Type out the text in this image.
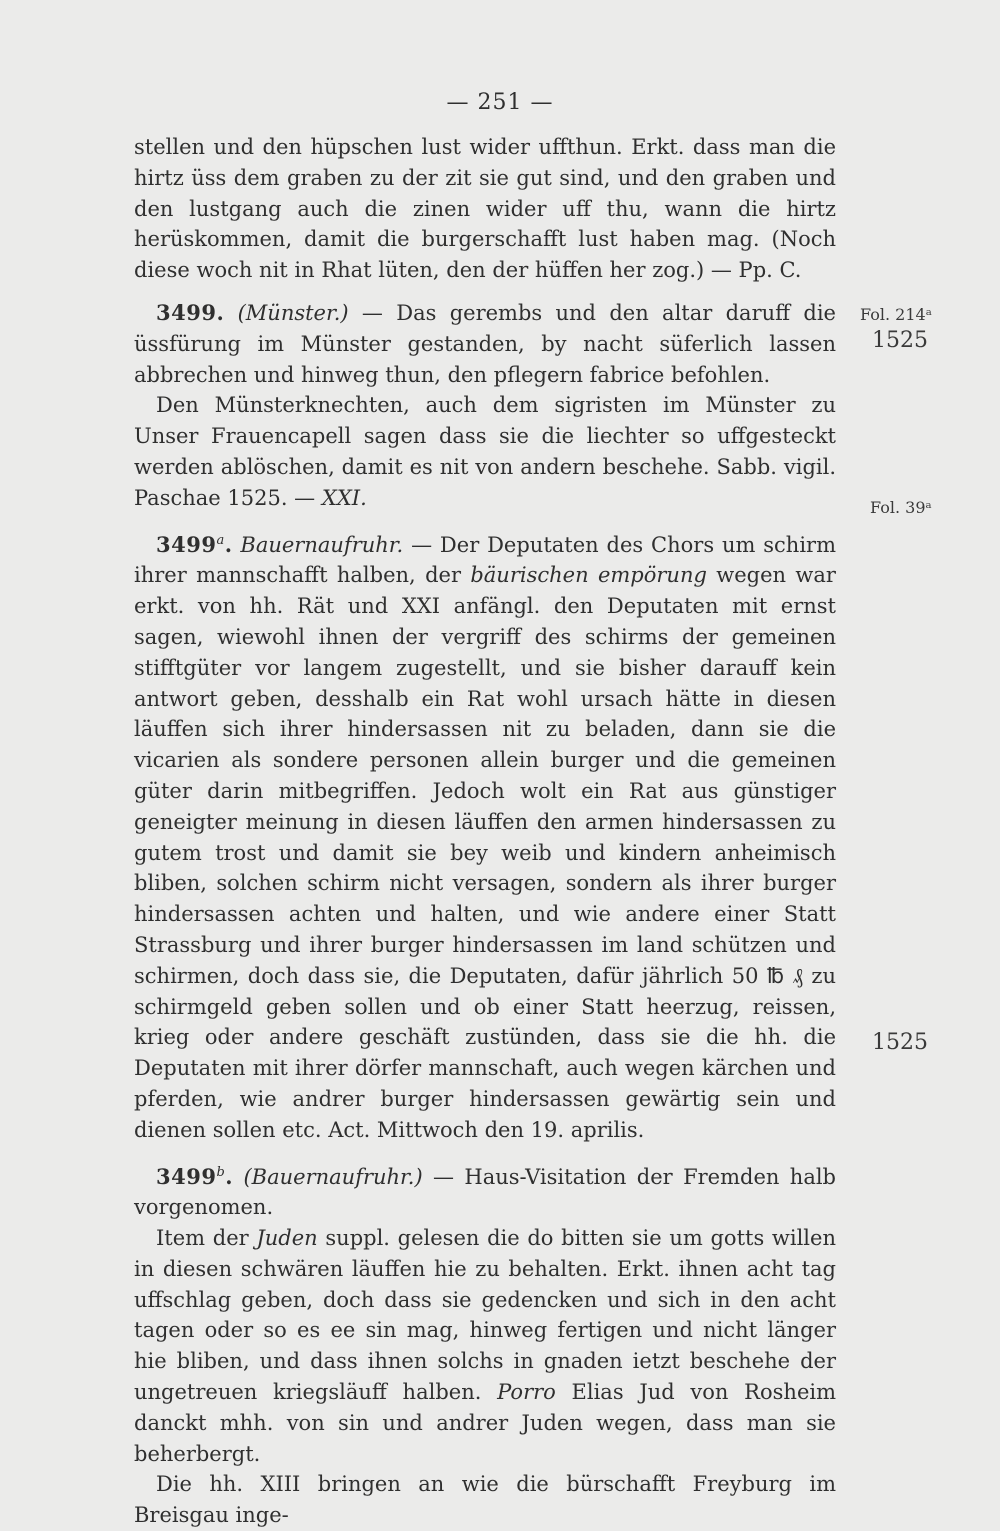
— 251 —

stellen und den hüpschen lust wider uffthun. Erkt. dass man die hirtz üss dem graben zu der zit sie gut sind, und den graben und den lustgang auch die zinen wider uff thu, wann die hirtz herüskommen, damit die burgerschafft lust haben mag. (Noch diese woch nit in Rhat lüten, den der hüffen her zog.) — Pp. C.

3499. (Münster.) — Das gerembs und den altar daruff die üssfürung im Münster gestanden, by nacht süferlich lassen abbrechen und hinweg thun, den pflegern fabrice befohlen.

Den Münsterknechten, auch dem sigristen im Münster zu Unser Frauencapell sagen dass sie die liechter so uffgesteckt werden ablöschen, damit es nit von andern beschehe. Sabb. vigil. Paschae 1525. — XXI.

3499$^a$. Bauernaufruhr. — Der Deputaten des Chors um schirm ihrer mannschafft halben, der bäurischen empörung wegen war erkt. von hh. Rät und XXI anfängl. den Deputaten mit ernst sagen, wiewohl ihnen der vergriff des schirms der gemeinen stifftgüter vor langem zugestellt, und sie bisher darauff kein antwort geben, desshalb ein Rat wohl ursach hätte in diesen läuffen sich ihrer hindersassen nit zu beladen, dann sie die vicarien als sondere personen allein burger und die gemeinen güter darin mitbegriffen. Jedoch wolt ein Rat aus günstiger geneigter meinung in diesen läuffen den armen hindersassen zu gutem trost und damit sie bey weib und kindern anheimisch bliben, solchen schirm nicht versagen, sondern als ihrer burger hindersassen achten und halten, und wie andere einer Statt Strassburg und ihrer burger hindersassen im land schützen und schirmen, doch dass sie, die Deputaten, dafür jährlich 50 ℔ ₰ zu schirmgeld geben sollen und ob einer Statt heerzug, reissen, krieg oder andere geschäft zustünden, dass sie die hh. die Deputaten mit ihrer dörfer mannschaft, auch wegen kärchen und pferden, wie andrer burger hindersassen gewärtig sein und dienen sollen etc. Act. Mittwoch den 19. aprilis.

3499$^b$. (Bauernaufruhr.) — Haus-Visitation der Fremden halb vorgenomen.

Item der Juden suppl. gelesen die do bitten sie um gotts willen in diesen schwären läuffen hie zu behalten. Erkt. ihnen acht tag uffschlag geben, doch dass sie gedencken und sich in den acht tagen oder so es ee sin mag, hinweg fertigen und nicht länger hie bliben, und dass ihnen solchs in gnaden ietzt beschehe der ungetreuen kriegsläuff halben. Porro Elias Jud von Rosheim danckt mhh. von sin und andrer Juden wegen, dass man sie beherbergt.

Die hh. XIII bringen an wie die bürschafft Freyburg im Breisgau inge-

Fol. 214ᵃ
1525
Fol. 39ᵃ
1525
